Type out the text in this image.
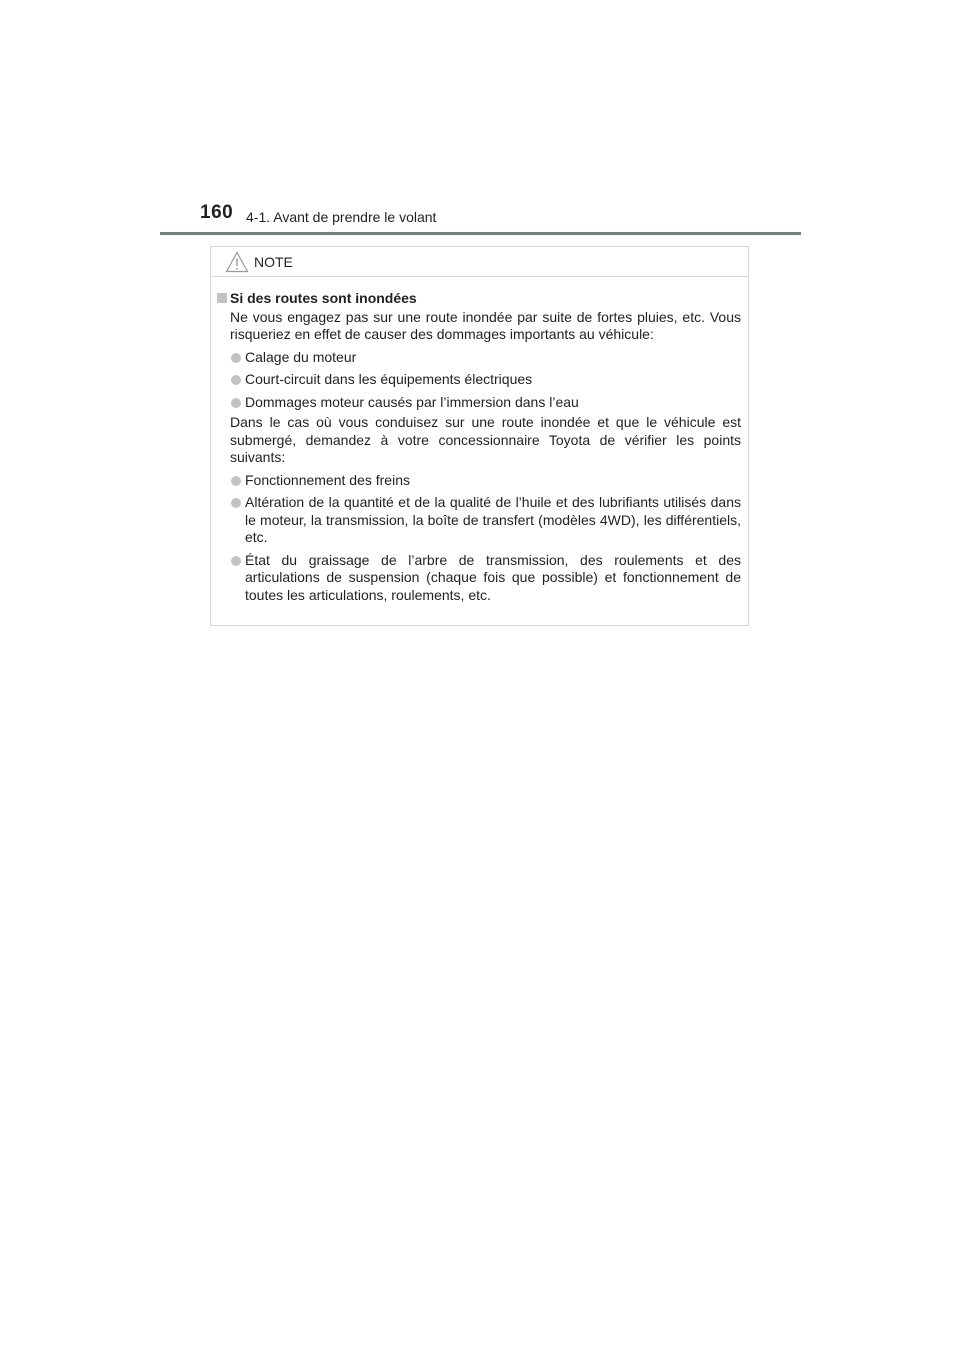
160 4-1. Avant de prendre le volant
NOTE
Si des routes sont inondées
Ne vous engagez pas sur une route inondée par suite de fortes pluies, etc. Vous risqueriez en effet de causer des dommages importants au véhicule:
Calage du moteur
Court-circuit dans les équipements électriques
Dommages moteur causés par l’immersion dans l’eau
Dans le cas où vous conduisez sur une route inondée et que le véhicule est submergé, demandez à votre concessionnaire Toyota de vérifier les points suivants:
Fonctionnement des freins
Altération de la quantité et de la qualité de l’huile et des lubrifiants utilisés dans le moteur, la transmission, la boîte de transfert (modèles 4WD), les différentiels, etc.
État du graissage de l’arbre de transmission, des roulements et des articulations de suspension (chaque fois que possible) et fonctionnement de toutes les articulations, roulements, etc.
